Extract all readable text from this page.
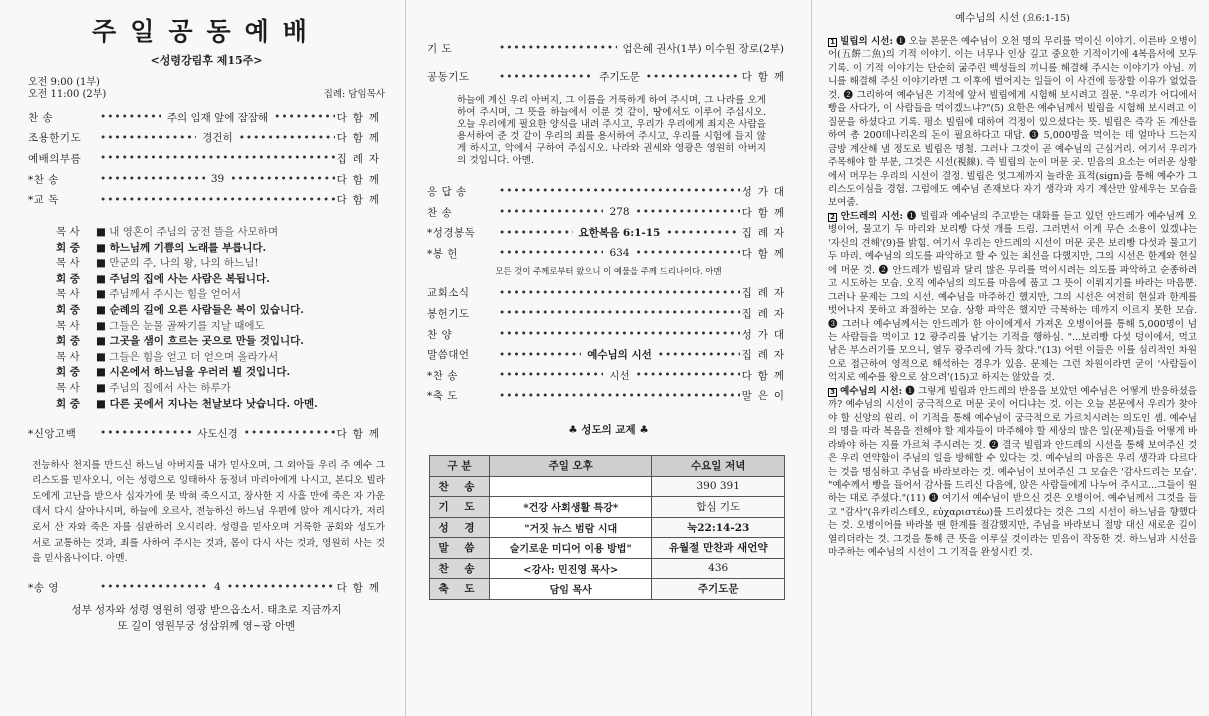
주일공동예배
<성령강림후 제15주>
오전 9:00 (1부)
오전 11:00 (2부)	집례: 담임목사
찬 송 •••••	주의 임재 앞에 잠잠해 •••••	다함께
조용한기도 •••••	경건히 •••••	다함께
예배의부름 •••••	집례자
*찬 송 •••••	39 •••••	다함께
*교 독 •••••	다함께
목 사 ■ 내 영혼이 주님의 궁전 뜰을 사모하며
회 중 ■ 하느님께 기쁨의 노래를 부릅니다.
목 사 ■ 만군의 주, 나의 왕, 나의 하느님!
회 중 ■ 주님의 집에 사는 사람은 복됩니다.
목 사 ■ 주님께서 주시는 힘을 얻어서
회 중 ■ 순례의 길에 오른 사람들은 복이 있습니다.
목 사 ■ 그들은 눈물 골짜기를 지날 때에도
회 중 ■ 그곳을 샘이 흐르는 곳으로 만들 것입니다.
목 사 ■ 그들은 힘을 얻고 더 얻으며 올라가서
회 중 ■ 시온에서 하느님을 우러러 뵐 것입니다.
목 사 ■ 주님의 집에서 사는 하루가
회 중 ■ 다른 곳에서 지나는 천날보다 낫습니다. 아멘.
*신앙고백 •••••	사도신경 •••••	다함께
전능하사 천지를 만드신 하느님 아버지를 내가 믿사오며, 그 외아들 우리 주 예수 그리스도를 믿사오니, 이는 성령으로 잉태하사 동정녀 마리아에게 나시고, 본디오 빌라도에게 고난을 받으사 십자가에 못 박혀 죽으시고, 장사한 지 사흘 만에 죽은 자 가운데서 다시 살아나시며, 하늘에 오르사, 전능하신 하느님 우편에 앉아 계시다가, 저리로서 산 자와 죽은 자를 심판하러 오시리라. 성령을 믿사오며 거룩한 공회와 성도가 서로 교통하는 것과, 죄를 사하여 주시는 것과, 몸이 다시 사는 것과, 영원히 사는 것을 믿사옵나이다. 아멘.
*송 영 •••••	4 •••••	다함께
성부 성자와 성령 영원히 영광 받으옵소서. 태초로 지금까지
또 길이 영원무궁 성삼위께 영~광 아멘
기 도 •••••	엄은혜 권사(1부) 이수원 장로(2부)
공동기도 •••••	주기도문 •••••	다함께
하늘에 계신 우리 아버지, 그 이름을 거룩하게 하여 주시며, 그 나라를 오게 하여 주시며, 그 뜻을 하늘에서 이룬 것 같이, 땅에서도 이루어 주십시오. 오늘 우리에게 필요한 양식을 내려 주시고, 우리가 우리에게 죄지은 사람을 용서하여 준 것 같이 우리의 죄를 용서하여 주시고, 우리를 시험에 들지 않게 하시고, 악에서 구하여 주십시오. 나라와 권세와 영광은 영원히 아버지의 것입니다. 아멘.
응 답 송 •••••	성가대
찬 송 •••••	278 •••••	다함께
*성경봉독 •••••	요한복음 6:1-15 •••••	집례자
*봉 헌 •••••	634 •••••	다함께
모든 것이 주께로부터 왔으니 이 예물을 주께 드리나이다. 아멘
교회소식 •••••	집례자
봉헌기도 •••••	집례자
찬 양 •••••	성가대
말씀대언 •••••	예수님의 시선 •••••	집례자
*찬 송 •••••	시선 •••••	다함께
*축 도 •••••	말은이
♣ 성도의 교제 ♣
구 분	주일 오후	수요일 저녁
찬 송		390 391
기 도	*건강 사회생활 특강*	합심 기도
성 경	"거짓 뉴스 범람 시대	눅22:14-23
말 씀	슬기로운 미디어 이용 방법"	유월절 만찬과 새언약
찬 송	<강사: 민진영 목사>	436
축 도	담임 목사	주기도문
예수님의 시선 (요6:1-15)

1 빌립의 시선: ❶ 오늘 본문은 예수님이 오천 명의 무리를 먹이신 이야기. 이른바 오병이어(五餠二魚)의 기적 이야기. 이는 너무나 인상 깊고 중요한 기적이기에 4복음서에 모두 기록. 이 기적 이야기는 단순히 굶주린 백성들의 끼니를 해결해 주시는 이야기가 아님. 끼니를 해결해 주신 이야기라면 그 이후에 벌어지는 일들이 이 사건에 등장할 이유가 없었을 것. ❷ 그리하여 예수님은 기적에 앞서 빌립에게 시험해 보시려고 질문. "우리가 어디에서 빵을 사다가, 이 사람들을 먹이겠느냐?"(5) 요한은 예수님께서 빌립을 시험해 보시려고 이 질문을 하셨다고 기록. 평소 빌립에 대하여 걱정이 있으셨다는 뜻. 빌립은 즉각 돈 계산을 하여 총 200데나리온의 돈이 필요하다고 대답. ❸ 5,000명을 먹이는 데 얼마나 드는지 금방 계산해 낼 정도로 빌립은 명철. 그러나 그것이 곧 예수님의 근심거리. 여기서 우리가 주목해야 할 부분, 그것은 시선(視線). 즉 빌립의 눈이 머문 곳. 믿음의 요소는 여러운 상황에서 머무는 우리의 시선이 결정. 빌립은 엇그제까지 놀라운 표적(sign)을 통해 예수가 그리스도이심을 경험. 그럼에도 예수님 존재보다 자기 생각과 자기 계산만 앞세우는 모습을 보여줌.

2 안드레의 시선: ❶ 빌립과 예수님의 주고받는 대화를 듣고 있던 안드레가 예수님께 오병이어, 물고기 두 마리와 보리빵 다섯 개를 드림. 그러면서 이게 무슨 소용이 있겠냐는 '자신의 견해'(9)를 밝힘. 여기서 우리는 안드레의 시선이 머문 곳은 보리빵 다섯과 물고기 두 마리. 예수님의 의도를 파악하고 할 수 있는 최선을 다했지만, 그의 시선은 한계와 현실에 머문 것. ❷ 안드레가 빌립과 달리 많은 무리를 먹이시려는 의도를 파악하고 순종하려고 시도하는 모습. 오직 예수님의 의도를 마음에 품고 그 뜻이 이뤄지기를 바라는 마음뿐. 그러나 문제는 그의 시선. 예수님을 마주하긴 했지만, 그의 시선은 여전히 현실과 한계를 벗어나지 못하고 좌절하는 모습. 상황 파악은 했지만 극복하는 데까지 이르지 못한 모습. ❸ 그러나 예수님께서는 안드레가 한 아이에게서 가져온 오병이어를 통해 5,000명이 넘는 사람들을 먹이고 12 광주리를 남기는 기적을 행하심. "...보리빵 다섯 덩이에서, 먹고 남은 부스러기를 모으니, 열두 광주리에 가득 찼다."(13) 어떤 이들은 이를 심리적인 차원으로 접근하여 영적으로 해석하는 경우가 있음. 문제는 그런 차원이라면 굳이 '사람들이 억지로 예수를 왕으로 삼으려'(15)고 하지는 않았을 것.

3 예수님의 시선: ❶ 그렇게 빌립과 안드레의 반응을 보았던 예수님은 어떻게 반응하셨을까? 예수님의 시선이 궁극적으로 머문 곳이 어디냐는 것. 이는 오늘 본문에서 우리가 찾아야 할 신앙의 원리. 이 기적을 통해 예수님이 궁극적으로 가르치시려는 의도인 셈. 예수님의 명을 따라 복음을 전해야 할 제자들이 마주해야 할 세상의 많은 일(문제)들을 어떻게 바라봐야 하는 지를 가르쳐 주시려는 것. ❷ 결국 빌립과 안드레의 시선을 통해 보여주신 것은 우리 연약함이 주님의 일을 방해할 수 있다는 것. 예수님의 마음은 우리 생각과 다르다는 것을 명심하고 주님을 바라보라는 것. 예수님이 보여주신 그 모습은 '감사드리는 모습'. "예수께서 빵을 들어서 감사를 드리신 다음에, 앉은 사람들에게 나누어 주시고...그들이 원하는 대로 주셨다."(11) ❸ 여기서 예수님이 받으신 것은 오병이어. 예수님께서 그것을 들고 "감사"(유카리스테오, εὐχαριστέω)를 드리셨다는 것은 그의 시선이 하느님을 향했다는 것. 오병이어를 바라볼 땐 한계를 절감했지만, 주님을 바라보니 절망 대신 새로운 길이 열리더라는 것. 그것을 통해 큰 뜻을 이루실 것이라는 믿음이 작동한 것. 하느님과 시선을 마주하는 예수님의 시선이 그 기적을 완성시킨 것.
